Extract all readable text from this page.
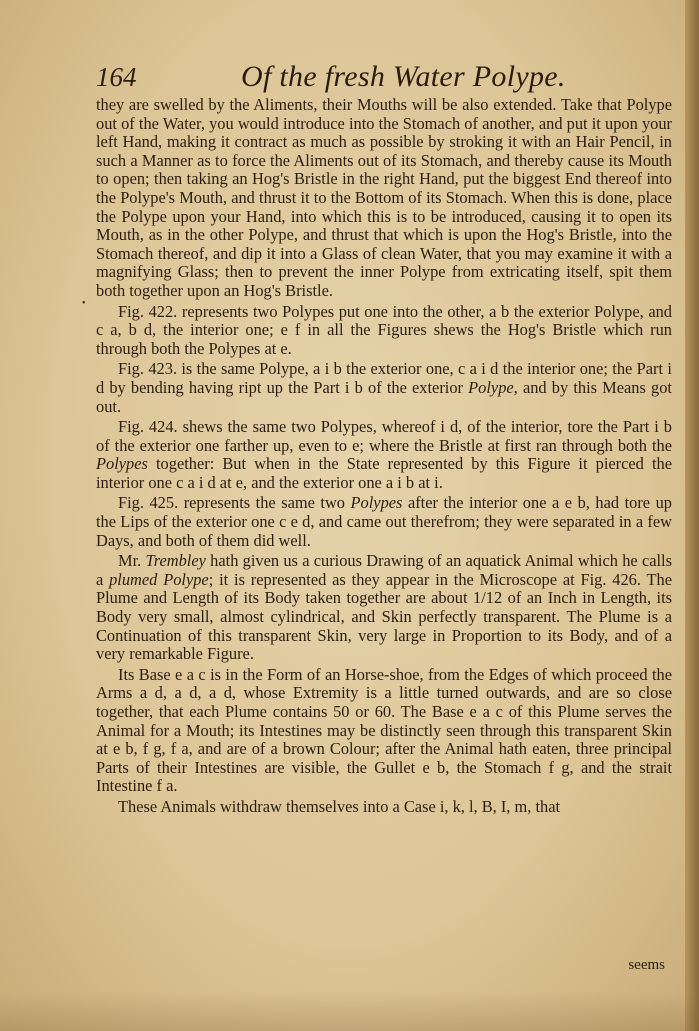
164	Of the fresh Water Polype.
•

they are swelled by the Aliments, their Mouths will be also extended. Take that Polype out of the Water, you would introduce into the Stomach of another, and put it upon your left Hand, making it contract as much as possible by stroking it with an Hair Pencil, in such a Manner as to force the Aliments out of its Stomach, and thereby cause its Mouth to open; then taking an Hog's Bristle in the right Hand, put the biggest End thereof into the Polype's Mouth, and thrust it to the Bottom of its Stomach. When this is done, place the Polype upon your Hand, into which this is to be introduced, causing it to open its Mouth, as in the other Polype, and thrust that which is upon the Hog's Bristle, into the Stomach thereof, and dip it into a Glass of clean Water, that you may examine it with a magnifying Glass; then to prevent the inner Polype from extricating itself, spit them both together upon an Hog's Bristle.

Fig. 422. represents two Polypes put one into the other, a b the exterior Polype, and c a, b d, the interior one; e f in all the Figures shews the Hog's Bristle which run through both the Polypes at e.

Fig. 423. is the same Polype, a i b the exterior one, c a i d the interior one; the Part i d by bending having ript up the Part i b of the exterior Polype, and by this Means got out.

Fig. 424. shews the same two Polypes, whereof i d, of the interior, tore the Part i b of the exterior one farther up, even to e; where the Bristle at first ran through both the Polypes together: But when in the State represented by this Figure it pierced the interior one c a i d at e, and the exterior one a i b at i.

Fig. 425. represents the same two Polypes after the interior one a e b, had tore up the Lips of the exterior one c e d, and came out therefrom; they were separated in a few Days, and both of them did well.

Mr. Trembley hath given us a curious Drawing of an aquatick Animal which he calls a plumed Polype; it is represented as they appear in the Microscope at Fig. 426. The Plume and Length of its Body taken together are about 1/12 of an Inch in Length, its Body very small, almost cylindrical, and Skin perfectly transparent. The Plume is a Continuation of this transparent Skin, very large in Proportion to its Body, and of a very remarkable Figure.

Its Base e a c is in the Form of an Horse-shoe, from the Edges of which proceed the Arms a d, a d, a d, whose Extremity is a little turned outwards, and are so close together, that each Plume contains 50 or 60. The Base e a c of this Plume serves the Animal for a Mouth; its Intestines may be distinctly seen through this transparent Skin at e b, f g, f a, and are of a brown Colour; after the Animal hath eaten, three principal Parts of their Intestines are visible, the Gullet e b, the Stomach f g, and the strait Intestine f a.

These Animals withdraw themselves into a Case i, k, l, B, I, m, that

seems
